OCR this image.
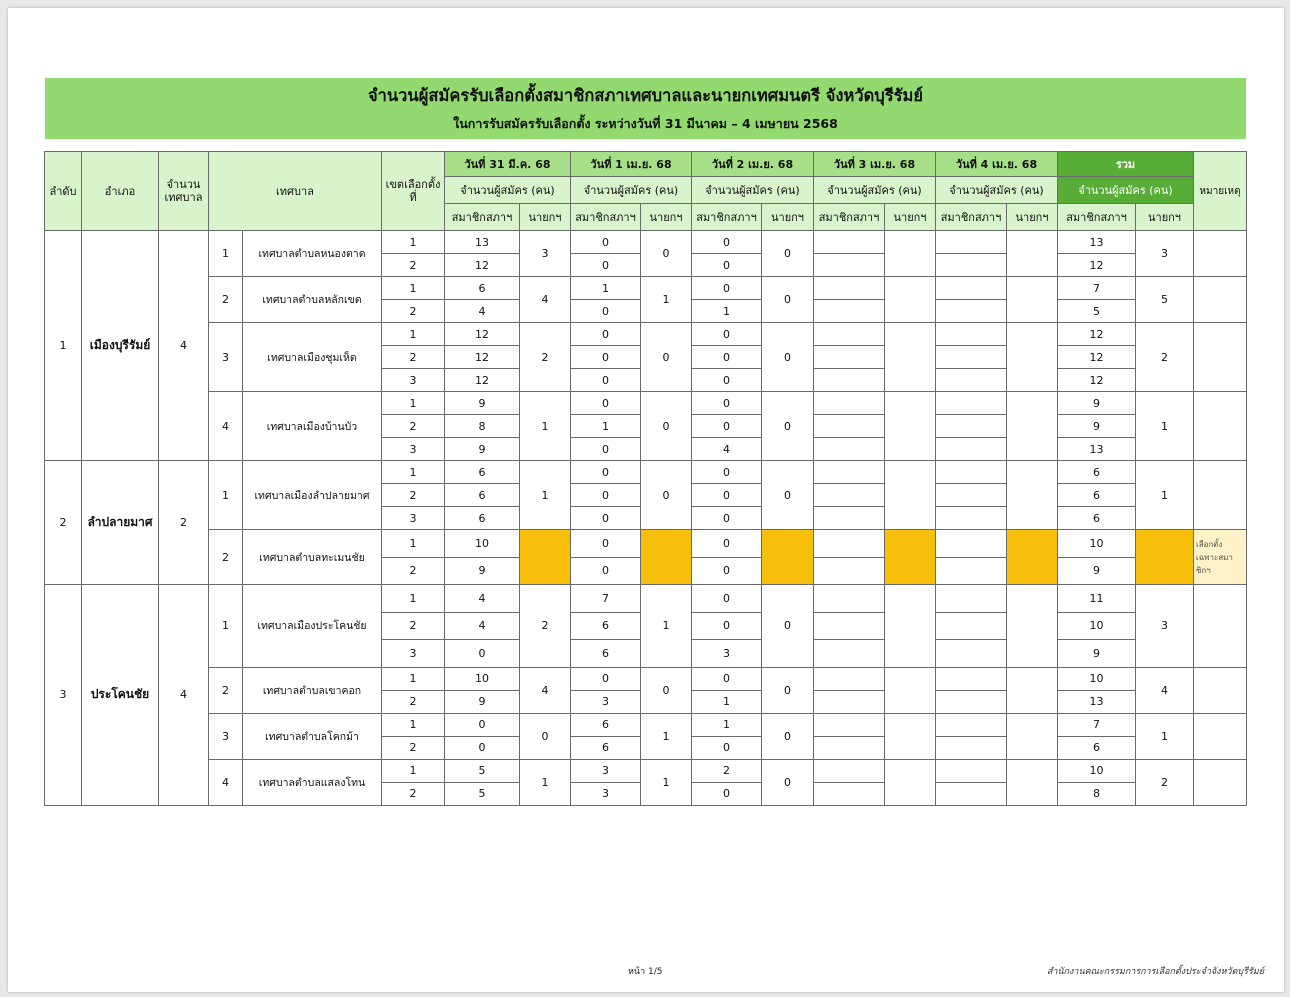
จำนวนผู้สมัครรับเลือกตั้งสมาชิกสภาเทศบาลและนายกเทศมนตรี จังหวัดบุรีรัมย์
ในการรับสมัครรับเลือกตั้ง ระหว่างวันที่ 31 มีนาคม – 4 เมษายน 2568
ลำดับ	อำเภอ	จำนวน เทศบาล	เทศบาล		เขตเลือกตั้ง ที่	วันที่ 31 มี.ค. 68		วันที่ 1 เม.ย. 68		วันที่ 2 เม.ย. 68		วันที่ 3 เม.ย. 68		วันที่ 4 เม.ย. 68		รวม		หมายเหตุ
						จำนวนผู้สมัคร (คน)		จำนวนผู้สมัคร (คน)		จำนวนผู้สมัคร (คน)		จำนวนผู้สมัคร (คน)		จำนวนผู้สมัคร (คน)		จำนวนผู้สมัคร (คน)		
						สมาชิกสภาฯ	นายกฯ	สมาชิกสภาฯ	นายกฯ	สมาชิกสภาฯ	นายกฯ	สมาชิกสภาฯ	นายกฯ	สมาชิกสภาฯ	นายกฯ	สมาชิกสภาฯ	นายกฯ	
1	เมืองบุรีรัมย์	4	1	เทศบาลตำบลหนองตาด	1	13	3	0	0	0	0					13	3	
					2	12		0		0						12		
			2	เทศบาลตำบลหลักเขต	1	6	4	1	1	0	0					7	5	
					2	4		0		1						5		
			3	เทศบาลเมืองชุมเห็ด	1	12	2	0	0	0	0					12	2	
					2	12		0		0						12		
					3	12		0		0						12		
			4	เทศบาลเมืองบ้านบัว	1	9	1	0	0	0	0					9	1	
					2	8		1		0						9		
					3	9		0		4						13		
2	ลำปลายมาศ	2	1	เทศบาลเมืองลำปลายมาศ	1	6	1	0	0	0	0					6	1	
					2	6		0		0						6		
					3	6		0		0						6		
			2	เทศบาลตำบลทะเมนชัย	1	10		0		0						10		เลือกตั้ง เฉพาะสมาชิกฯ
					2	9		0		0						9		
3	ประโคนชัย	4	1	เทศบาลเมืองประโคนชัย	1	4	2	7	1	0	0					11	3	
					2	4		6		0						10		
					3	0		6		3						9		
			2	เทศบาลตำบลเขาคอก	1	10	4	0	0	0	0					10	4	
					2	9		3		1						13		
			3	เทศบาลตำบลโคกม้า	1	0	0	6	1	1	0					7	1	
					2	0		6		0						6		
			4	เทศบาลตำบลแสลงโทน	1	5	1	3	1	2	0					10	2	
					2	5		3		0						8		
หน้า 1/5	สำนักงานคณะกรรมการการเลือกตั้งประจำจังหวัดบุรีรัมย์
